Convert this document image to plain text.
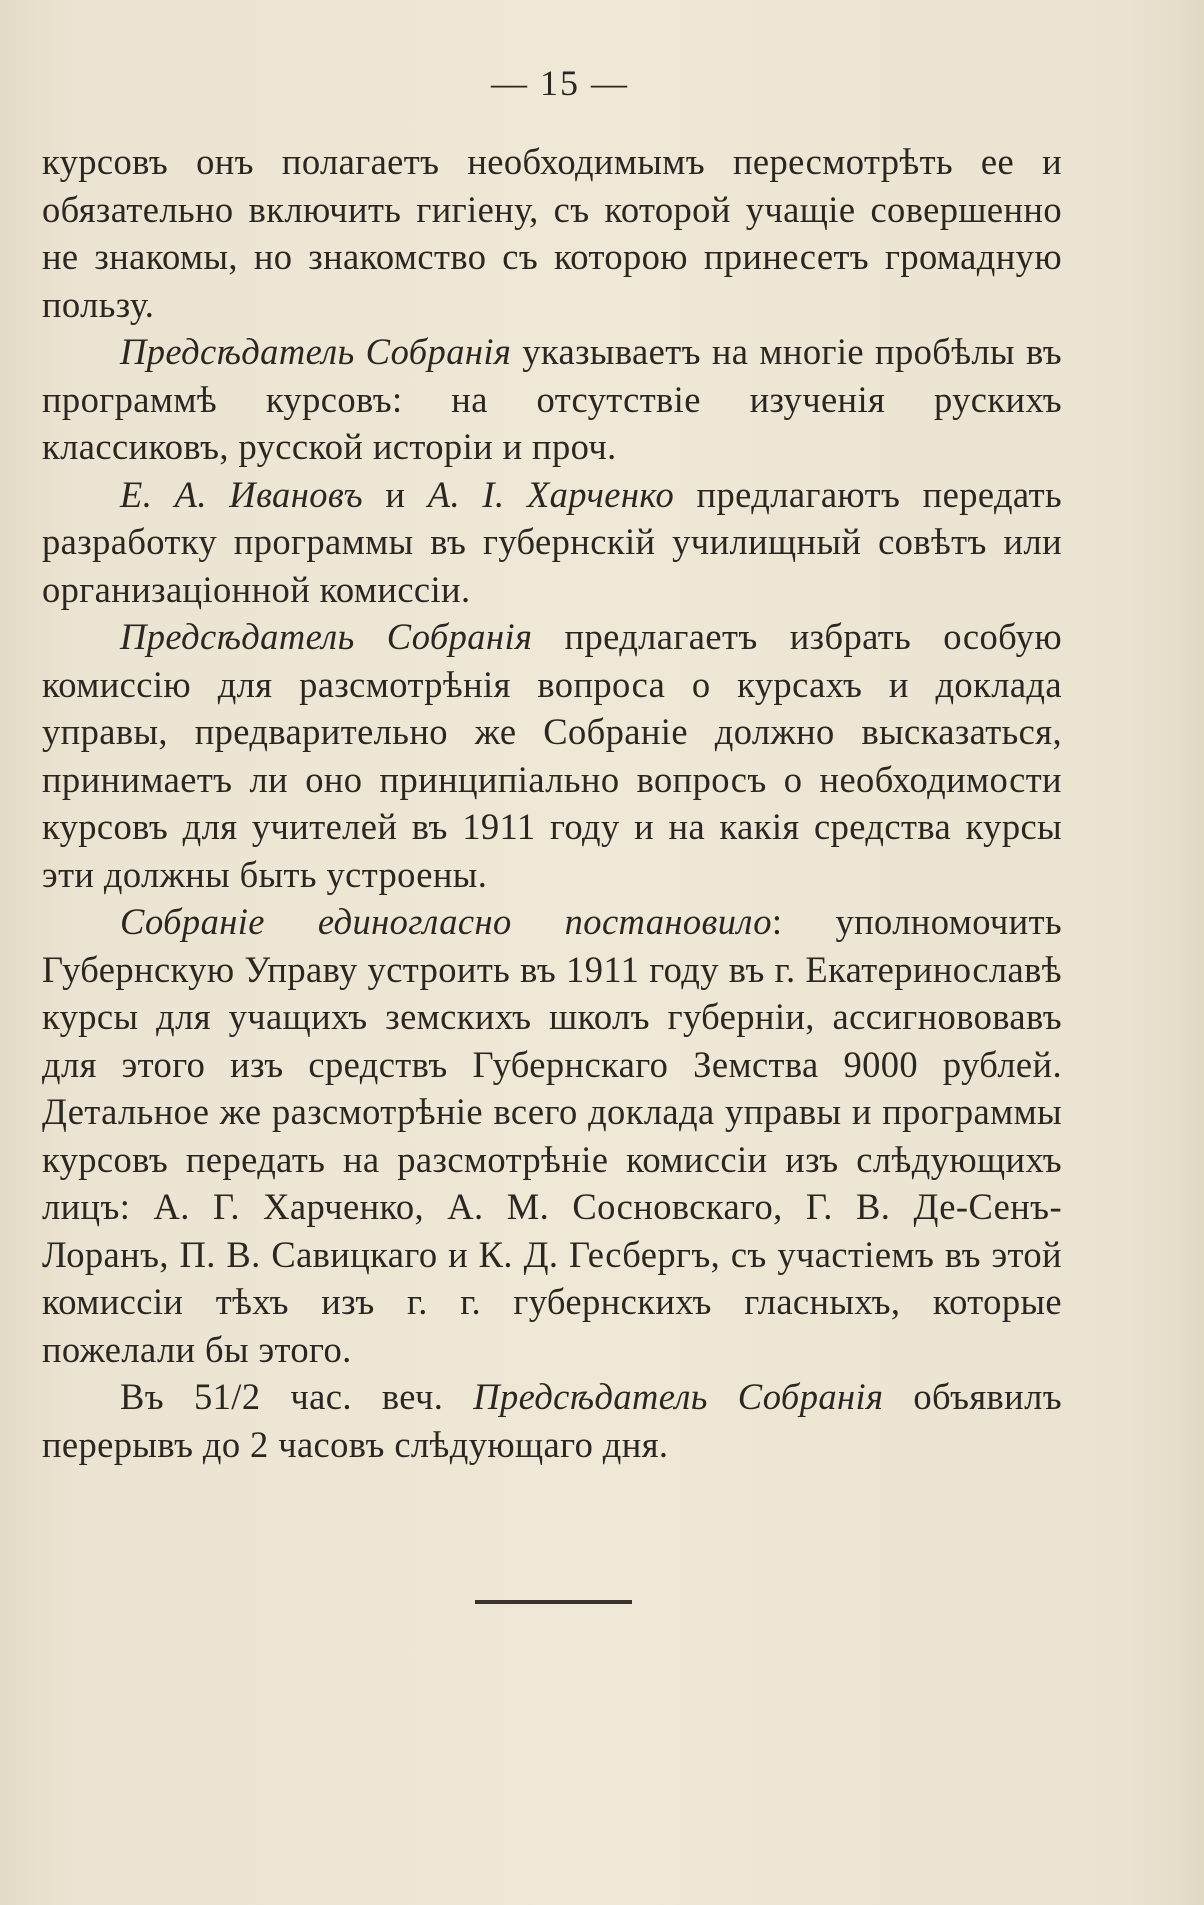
— 15 —

курсовъ онъ полагаетъ необходимымъ пересмотрѣть ее и обязательно включить гигіену, съ которой учащіе совершенно не знакомы, но знакомство съ которою принесетъ громадную пользу.

Предсѣдатель Собранія указываетъ на многіе пробѣлы въ программѣ курсовъ: на отсутствіе изученія рускихъ классиковъ, русской исторіи и проч.

Е. А. Ивановъ и А. I. Харченко предлагаютъ передать разработку программы въ губернскій училищный совѣтъ или организаціонной комиссіи.

Предсѣдатель Собранія предлагаетъ избрать особую комиссію для разсмотрѣнія вопроса о курсахъ и доклада управы, предварительно же Собраніе должно высказаться, принимаетъ ли оно принципіально вопросъ о необходимости курсовъ для учителей въ 1911 году и на какія средства курсы эти должны быть устроены.

Собраніе единогласно постановило: уполномочить Губернскую Управу устроить въ 1911 году въ г. Екатеринославѣ курсы для учащихъ земскихъ школъ губерніи, ассигнововавъ для этого изъ средствъ Губернскаго Земства 9000 рублей. Детальное же разсмотрѣніе всего доклада управы и программы курсовъ передать на разсмотрѣніе комиссіи изъ слѣдующихъ лицъ: А. Г. Харченко, А. М. Сосновскаго, Г. В. Де-Сенъ-Лоранъ, П. В. Савицкаго и К. Д. Гесбергъ, съ участіемъ въ этой комиссіи тѣхъ изъ г. г. губернскихъ гласныхъ, которые пожелали бы этого.

Въ 51/2 час. веч. Предсѣдатель Собранія объявилъ перерывъ до 2 часовъ слѣдующаго дня.
